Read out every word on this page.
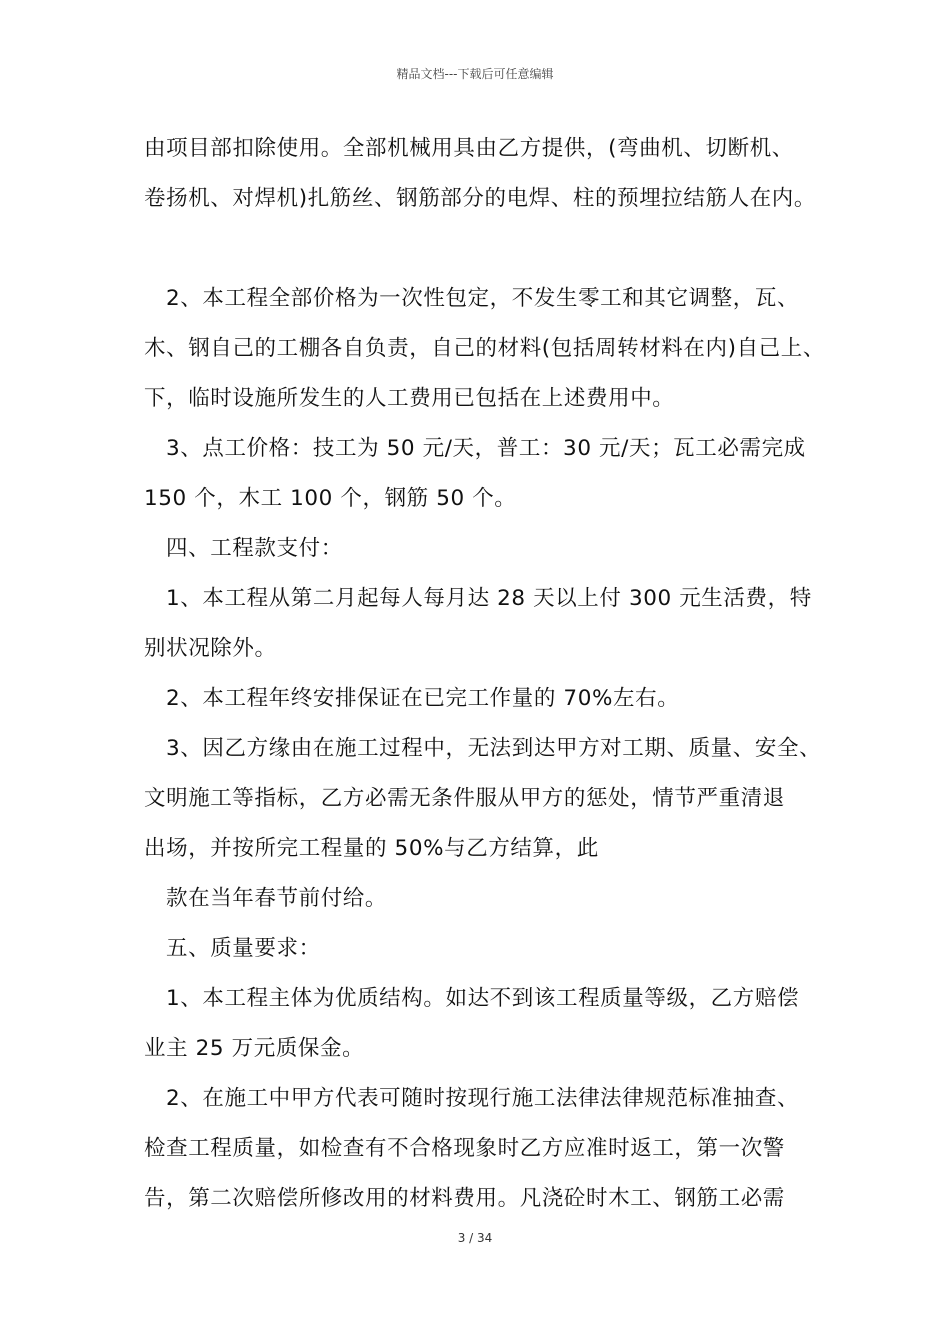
精品文档---下载后可任意编辑
由项目部扣除使用。全部机械用具由乙方提供，(弯曲机、切断机、
卷扬机、对焊机)扎筋丝、钢筋部分的电焊、柱的预埋拉结筋人在内。
2、本工程全部价格为一次性包定，不发生零工和其它调整，瓦、
木、钢自己的工棚各自负责，自己的材料(包括周转材料在内)自己上、
下，临时设施所发生的人工费用已包括在上述费用中。
3、点工价格：技工为 50 元/天，普工：30 元/天；瓦工必需完成
150 个，木工 100 个，钢筋 50 个。
四、工程款支付：
1、本工程从第二月起每人每月达 28 天以上付 300 元生活费，特
别状况除外。
2、本工程年终安排保证在已完工作量的 70%左右。
3、因乙方缘由在施工过程中，无法到达甲方对工期、质量、安全、
文明施工等指标，乙方必需无条件服从甲方的惩处，情节严重清退
出场，并按所完工程量的 50%与乙方结算，此
款在当年春节前付给。
五、质量要求：
1、本工程主体为优质结构。如达不到该工程质量等级，乙方赔偿
业主 25 万元质保金。
2、在施工中甲方代表可随时按现行施工法律法律规范标准抽查、
检查工程质量，如检查有不合格现象时乙方应准时返工，第一次警
告，第二次赔偿所修改用的材料费用。凡浇砼时木工、钢筋工必需
3 / 34
